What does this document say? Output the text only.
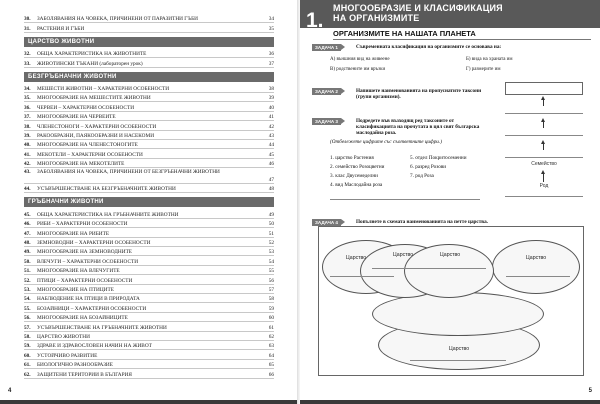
30.	ЗАБОЛЯВАНИЯ НА ЧОВЕКА, ПРИЧИНЕНИ ОТ ПАРАЗИТНИ ГЪБИ	34
31.	РАСТЕНИЯ И ГЪБИ	35
ЦАРСТВО ЖИВОТНИ
32.	ОБЩА ХАРАКТЕРИСТИКА НА ЖИВОТНИТЕ	36
33.	ЖИВОТИНСКИ ТЪКАНИ (лабораторен урок)	37
БЕЗГРЪБНАЧНИ ЖИВОТНИ
34.	МЕШЕСТИ ЖИВОТНИ – ХАРАКТЕРНИ ОСОБЕНОСТИ	38
35.	МНОГООБРАЗИЕ НА МЕШЕСТИТЕ ЖИВОТНИ	39
36.	ЧЕРВЕИ – ХАРАКТЕРНИ ОСОБЕНОСТИ	40
37.	МНОГООБРАЗИЕ НА ЧЕРВЕИТЕ	41
38.	ЧЛЕНЕСТОНОГИ – ХАРАКТЕРНИ ОСОБЕНОСТИ	42
39.	РАКООБРАЗНИ, ПАЯКООБРАЗНИ И НАСЕКОМИ	43
40.	МНОГООБРАЗИЕ НА ЧЛЕНЕСТОНОГИТЕ	44
41.	МЕКОТЕЛИ – ХАРАКТЕРНИ ОСОБЕНОСТИ	45
42.	МНОГООБРАЗИЕ НА МЕКОТЕЛИТЕ	46
43.	ЗАБОЛЯВАНИЯ НА ЧОВЕКА, ПРИЧИНЕНИ ОТ БЕЗГРЪБНАЧНИ ЖИВОТНИ
47
44.	УСЪВЪРШЕНСТВАНЕ НА БЕЗГРЪБНАЧНИТЕ ЖИВОТНИ	48
ГРЪБНАЧНИ ЖИВОТНИ
45.	ОБЩА ХАРАКТЕРИСТИКА НА ГРЪБНАЧНИТЕ ЖИВОТНИ	49
46.	РИБИ – ХАРАКТЕРНИ ОСОБЕНОСТИ	50
47.	МНОГООБРАЗИЕ НА РИБИТЕ	51
48.	ЗЕМНОВОДНИ – ХАРАКТЕРНИ ОСОБЕНОСТИ	52
49.	МНОГООБРАЗИЕ НА ЗЕМНОВОДНИТЕ	53
50.	ВЛЕЧУГИ – ХАРАКТЕРНИ ОСОБЕНОСТИ	54
51.	МНОГООБРАЗИЕ НА ВЛЕЧУГИТЕ	55
52.	ПТИЦИ – ХАРАКТЕРНИ ОСОБЕНОСТИ	56
53.	МНОГООБРАЗИЕ НА ПТИЦИТЕ	57
54.	НАБЛЮДЕНИЕ НА ПТИЦИ В ПРИРОДАТА	58
55.	БОЗАЙНИЦИ – ХАРАКТЕРНИ ОСОБЕНОСТИ	59
56.	МНОГООБРАЗИЕ НА БОЗАЙНИЦИТЕ	60
57.	УСЪВЪРШЕНСТВАНЕ НА ГРЪБНАЧНИТЕ ЖИВОТНИ	61
58.	ЦАРСТВО ЖИВОТНИ	62
59.	ЗДРАВЕ И ЗДРАВОСЛОВЕН НАЧИН НА ЖИВОТ	63
60.	УСТОЙЧИВО РАЗВИТИЕ	64
61.	БИОЛОГИЧНО РАЗНООБРАЗИЕ	65
62.	ЗАЩИТЕНИ ТЕРИТОРИИ В БЪЛГАРИЯ	66
4
1.
МНОГООБРАЗИЕ И КЛАСИФИКАЦИЯ
НА ОРГАНИЗМИТЕ
ОРГАНИЗМИТЕ НА НАШАТА ПЛАНЕТА
5
ЗАДАЧА 1	Съвременната класификация на организмите се основава на:
А) външния вид на живеене	Б) вида на храната им
В) родствените им връзки	Г) размерите им
ЗАДАЧА 2	Напишете наименованията на пропуснатите таксони (групи организми).
ЗАДАЧА 3	Подредете във възходящ ред таксоните от класификацията на прочутата в цял свят българска маслодайна роза.
(Отбележете цифрите със съответните цифри.)
1. царство Растения
2. семейство Розоцветни
3. клас Двусемеделни
4. вид Маслодайна роза
5. отдел Покритосеменни
6. разред Розови
7. род Роза
Семейство
Род
ЗАДАЧА 4	Попълнете в схемата наименованията на петте царства.
Царство	Царство	Царство	Царство
Царство
